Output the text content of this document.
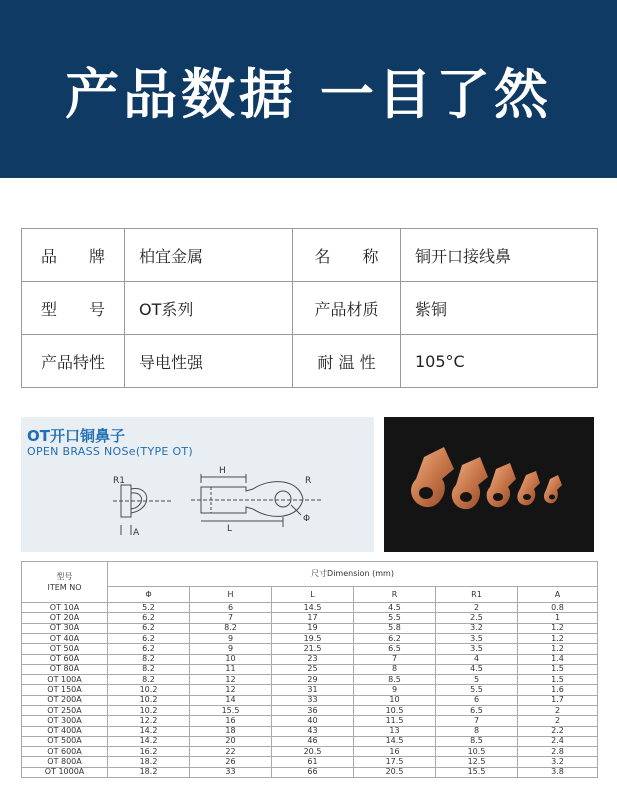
产品数据 一目了然
品　　牌	柏宜金属	名　　称	铜开口接线鼻
型　　号	OT系列	产品材质	紫铜
产品特性	导电性强	耐 温 性	105°C
OT开口铜鼻子
OPEN BRASS NOSe(TYPE OT)
R1
A
H
L
R
Φ
型号
ITEM NO	尺寸Dimension (mm)					
	Φ	H	L	R	R1	A
OT 10A	5.2	6	14.5	4.5	2	0.8
OT 20A	6.2	7	17	5.5	2.5	1
OT 30A	6.2	8.2	19	5.8	3.2	1.2
OT 40A	6.2	9	19.5	6.2	3.5	1.2
OT 50A	6.2	9	21.5	6.5	3.5	1.2
OT 60A	8.2	10	23	7	4	1.4
OT 80A	8.2	11	25	8	4.5	1.5
OT 100A	8.2	12	29	8.5	5	1.5
OT 150A	10.2	12	31	9	5.5	1.6
OT 200A	10.2	14	33	10	6	1.7
OT 250A	10.2	15.5	36	10.5	6.5	2
OT 300A	12.2	16	40	11.5	7	2
OT 400A	14.2	18	43	13	8	2.2
OT 500A	14.2	20	46	14.5	8.5	2.4
OT 600A	16.2	22	20.5	16	10.5	2.8
OT 800A	18.2	26	61	17.5	12.5	3.2
OT 1000A	18.2	33	66	20.5	15.5	3.8
